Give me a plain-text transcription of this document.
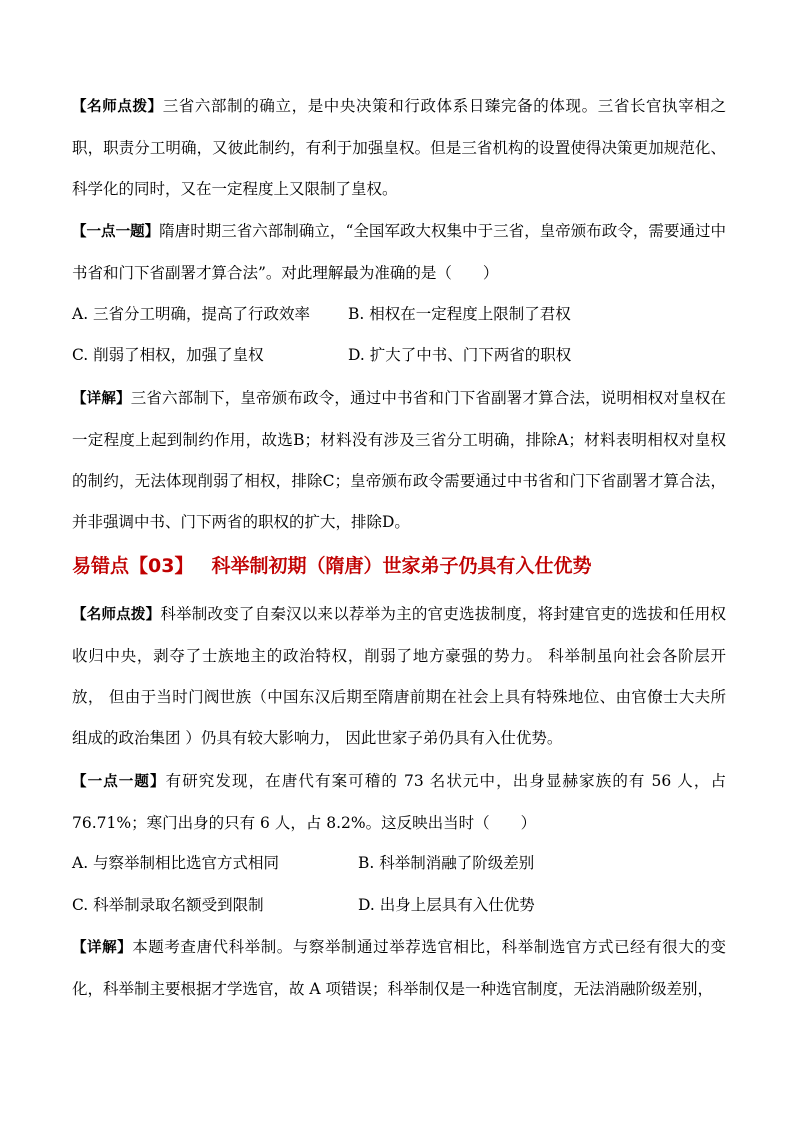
【名师点拨】三省六部制的确立，是中央决策和行政体系日臻完备的体现。三省长官执宰相之职，职责分工明确，又彼此制约，有利于加强皇权。但是三省机构的设置使得决策更加规范化、科学化的同时，又在一定程度上又限制了皇权。

【一点一题】隋唐时期三省六部制确立，“全国军政大权集中于三省，皇帝颁布政令，需要通过中书省和门下省副署才算合法”。对此理解最为准确的是（　　）

A. 三省分工明确，提高了行政效率 B. 相权在一定程度上限制了君权
C. 削弱了相权，加强了皇权	D. 扩大了中书、门下两省的职权

【详解】三省六部制下，皇帝颁布政令，通过中书省和门下省副署才算合法，说明相权对皇权在一定程度上起到制约作用，故选B；材料没有涉及三省分工明确，排除A；材料表明相权对皇权的制约，无法体现削弱了相权，排除C；皇帝颁布政令需要通过中书省和门下省副署才算合法，并非强调中书、门下两省的职权的扩大，排除D。

易错点【03】 科举制初期（隋唐）世家弟子仍具有入仕优势

【名师点拨】科举制改变了自秦汉以来以荐举为主的官吏选拔制度，将封建官吏的选拔和任用权收归中央，剥夺了士族地主的政治特权，削弱了地方豪强的势力。 科举制虽向社会各阶层开放， 但由于当时门阀世族（中国东汉后期至隋唐前期在社会上具有特殊地位、由官僚士大夫所组成的政治集团 ）仍具有较大影响力， 因此世家子弟仍具有入仕优势。

【一点一题】有研究发现，在唐代有案可稽的 73 名状元中，出身显赫家族的有 56 人，占 76.71%；寒门出身的只有 6 人，占 8.2%。这反映出当时（　　）

A. 与察举制相比选官方式相同	B. 科举制消融了阶级差别
C. 科举制录取名额受到限制	D. 出身上层具有入仕优势

【详解】本题考查唐代科举制。与察举制通过举荐选官相比，科举制选官方式已经有很大的变化，科举制主要根据才学选官，故 A 项错误；科举制仅是一种选官制度，无法消融阶级差别，
